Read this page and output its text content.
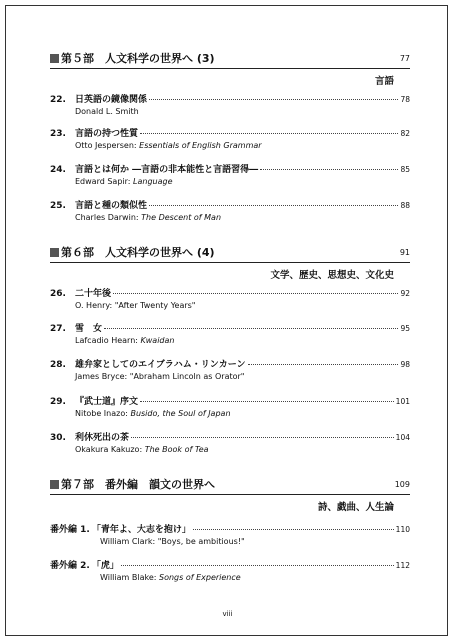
第５部　人文科学の世界へ (3)	77
言語
22.	日英語の鏡像関係	78
Donald L. Smith
23.	言語の持つ性質	82
Otto Jespersen: Essentials of English Grammar
24.	言語とは何か ―言語の非本能性と言語習得―	85
Edward Sapir: Language
25.	言語と種の類似性	88
Charles Darwin: The Descent of Man
第６部　人文科学の世界へ (4)	91
文学、歴史、思想史、文化史
26.	二十年後	92
O. Henry: "After Twenty Years"
27.	雪　女	95
Lafcadio Hearn: Kwaidan
28.	雄弁家としてのエイブラハム・リンカーン	98
James Bryce: "Abraham Lincoln as Orator"
29.	『武士道』序文	101
Nitobe Inazo: Busido, the Soul of Japan
30.	利休死出の茶	104
Okakura Kakuzo: The Book of Tea
第７部　番外編　韻文の世界へ	109
詩、戯曲、人生論
番外編 1. 「青年よ、大志を抱け」	110
William Clark: "Boys, be ambitious!"
番外編 2. 「虎」	112
William Blake: Songs of Experience
viii
